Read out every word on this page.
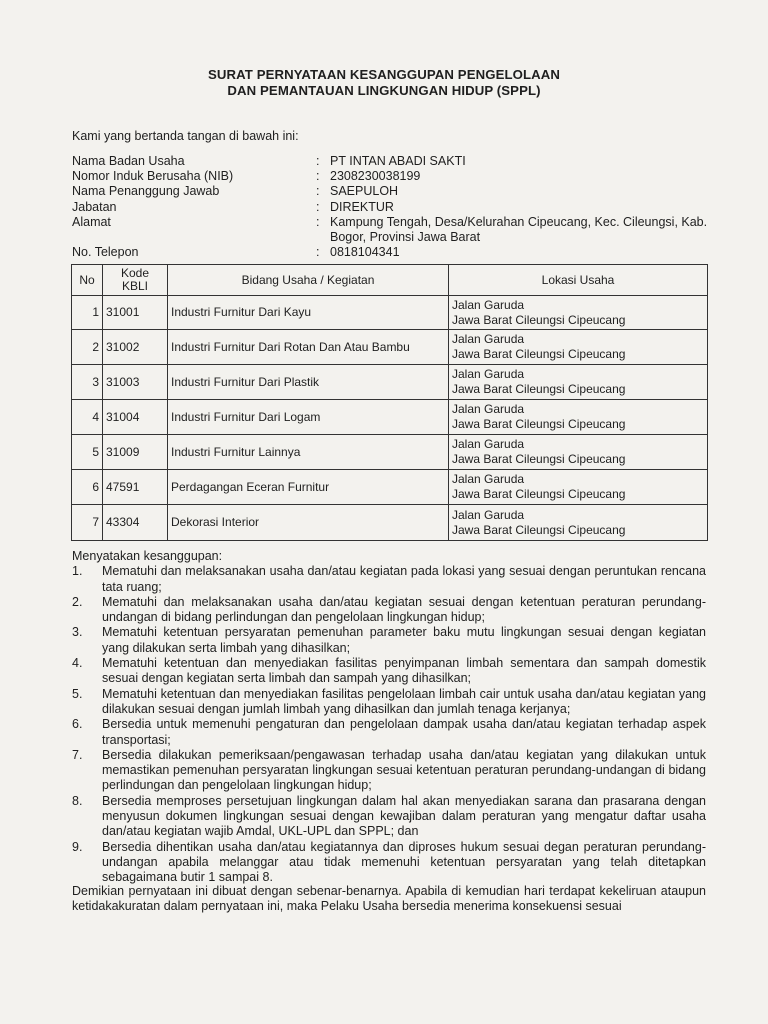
SURAT PERNYATAAN KESANGGUPAN PENGELOLAAN
DAN PEMANTAUAN LINGKUNGAN HIDUP (SPPL)
Kami yang bertanda tangan di bawah ini:
Nama Badan Usaha	: PT INTAN ABADI SAKTI
Nomor Induk Berusaha (NIB)	: 2308230038199
Nama Penanggung Jawab	: SAEPULOH
Jabatan	: DIREKTUR
Alamat	: Kampung Tengah, Desa/Kelurahan Cipeucang, Kec. Cileungsi, Kab. Bogor, Provinsi Jawa Barat
No. Telepon	: 0818104341
No	Kode KBLI	Bidang Usaha / Kegiatan	Lokasi Usaha
1	31001	Industri Furnitur Dari Kayu	Jalan Garuda
Jawa Barat Cileungsi Cipeucang

2	31002	Industri Furnitur Dari Rotan Dan Atau Bambu	Jalan Garuda
Jawa Barat Cileungsi Cipeucang

3	31003	Industri Furnitur Dari Plastik	Jalan Garuda
Jawa Barat Cileungsi Cipeucang

4	31004	Industri Furnitur Dari Logam	Jalan Garuda
Jawa Barat Cileungsi Cipeucang

5	31009	Industri Furnitur Lainnya	Jalan Garuda
Jawa Barat Cileungsi Cipeucang

6	47591	Perdagangan Eceran Furnitur	Jalan Garuda
Jawa Barat Cileungsi Cipeucang

7	43304	Dekorasi Interior	Jalan Garuda
Jawa Barat Cileungsi Cipeucang
Menyatakan kesanggupan:
1.	Mematuhi dan melaksanakan usaha dan/atau kegiatan pada lokasi yang sesuai dengan peruntukan rencana tata ruang;
2.	Mematuhi dan melaksanakan usaha dan/atau kegiatan sesuai dengan ketentuan peraturan perundang-undangan di bidang perlindungan dan pengelolaan lingkungan hidup;
3.	Mematuhi ketentuan persyaratan pemenuhan parameter baku mutu lingkungan sesuai dengan kegiatan yang dilakukan serta limbah yang dihasilkan;
4.	Mematuhi ketentuan dan menyediakan fasilitas penyimpanan limbah sementara dan sampah domestik sesuai dengan kegiatan serta limbah dan sampah yang dihasilkan;
5.	Mematuhi ketentuan dan menyediakan fasilitas pengelolaan limbah cair untuk usaha dan/atau kegiatan yang dilakukan sesuai dengan jumlah limbah yang dihasilkan dan jumlah tenaga kerjanya;
6.	Bersedia untuk memenuhi pengaturan dan pengelolaan dampak usaha dan/atau kegiatan terhadap aspek transportasi;
7.	Bersedia dilakukan pemeriksaan/pengawasan terhadap usaha dan/atau kegiatan yang dilakukan untuk memastikan pemenuhan persyaratan lingkungan sesuai ketentuan peraturan perundang-undangan di bidang perlindungan dan pengelolaan lingkungan hidup;
8.	Bersedia memproses persetujuan lingkungan dalam hal akan menyediakan sarana dan prasarana dengan menyusun dokumen lingkungan sesuai dengan kewajiban dalam peraturan yang mengatur daftar usaha dan/atau kegiatan wajib Amdal, UKL-UPL dan SPPL; dan
9.	Bersedia dihentikan usaha dan/atau kegiatannya dan diproses hukum sesuai degan peraturan perundang-undangan apabila melanggar atau tidak memenuhi ketentuan persyaratan yang telah ditetapkan sebagaimana butir 1 sampai 8.
Demikian pernyataan ini dibuat dengan sebenar-benarnya. Apabila di kemudian hari terdapat kekeliruan ataupun ketidakakuratan dalam pernyataan ini, maka Pelaku Usaha bersedia menerima konsekuensi sesuai
